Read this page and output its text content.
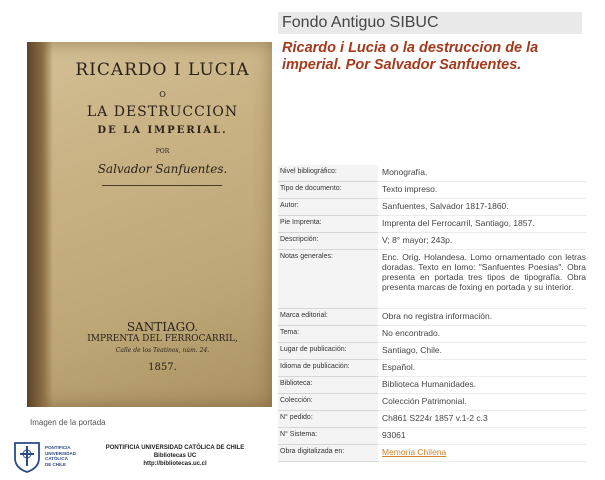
RICARDO I LUCIA
O
LA DESTRUCCION
DE LA IMPERIAL.
POR
Salvador Sanfuentes.
SANTIAGO.
IMPRENTA DEL FERROCARRIL,
Calle de los Teatinos, núm. 24.
1857.
Imagen de la portada
PONTIFICIA
UNIVERSIDAD
CATÓLICA
DE CHILE
PONTIFICIA UNIVERSIDAD CATÓLICA DE CHILE
Bibliotecas UC
http://bibliotecas.uc.cl
Fondo Antiguo SIBUC
Ricardo i Lucia o la destruccion de la imperial. Por Salvador Sanfuentes.
Nivel bibliográfico:	Monografía.
Tipo de documento:	Texto impreso.
Autor:	Sanfuentes, Salvador 1817-1860.
Pie Imprenta:	Imprenta del Ferrocarril, Santiago, 1857.
Descripción:	V; 8° mayor; 243p.
Notas generales:	Enc. Orig. Holandesa. Lomo ornamentado con letras doradas. Texto en lomo: "Sanfuentes Poesias". Obra presenta en portada tres tipos de tipografía. Obra presenta marcas de foxing en portada y su interior.
Marca editorial:	Obra no registra información.
Tema:	No encontrado.
Lugar de publicación:	Santiago, Chile.
Idioma de publicación:	Español.
Biblioteca:	Biblioteca Humanidades.
Colección:	Colección Patrimonial.
N° pedido:	Ch861 S224r 1857 v.1-2 c.3
N° Sistema:	93061
Obra digitalizada en:	Memoria Chilena
